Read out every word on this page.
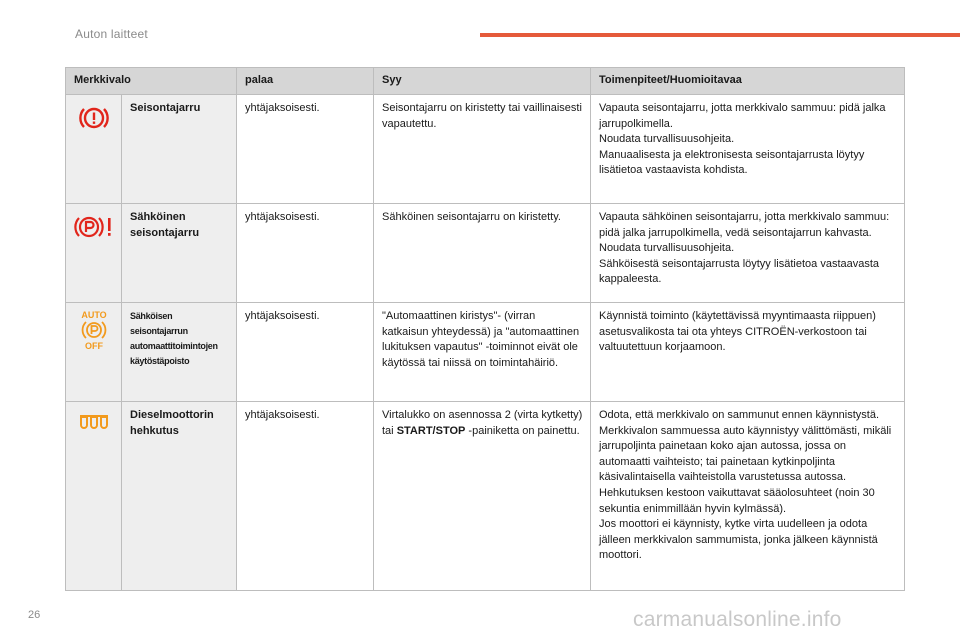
Auton laitteet
Merkkivalo		palaa	Syy	Toimenpiteet/Huomioitavaa

	Seisontajarru	yhtäjaksoisesti.	Seisontajarru on kiristetty tai vaillinaisesti vapautettu.	Vapauta seisontajarru, jotta merkkivalo sammuu: pidä jalka jarrupolkimella.
Noudata turvallisuusohjeita.
Manuaalisesta ja elektronisesta seisontajarrusta löytyy lisätietoa vastaavista kohdista.

	Sähköinen seisontajarru	yhtäjaksoisesti.	Sähköinen seisontajarru on kiristetty.	Vapauta sähköinen seisontajarru, jotta merkkivalo sammuu: pidä jalka jarrupolkimella, vedä seisontajarrun kahvasta.
Noudata turvallisuusohjeita.
Sähköisestä seisontajarrusta löytyy lisätietoa vastaavasta kappaleesta.

AUTO
OFF	Sähköisen seisontajarrun automaattitoimintojen käytöstäpoisto	yhtäjaksoisesti.	"Automaattinen kiristys"- (virran katkaisun yhteydessä) ja "automaattinen lukituksen vapautus" -toiminnot eivät ole käytössä tai niissä on toimintahäiriö.	Käynnistä toiminto (käytettävissä myyntimaasta riippuen) asetusvalikosta tai ota yhteys CITROËN-verkostoon tai valtuutettuun korjaamoon.

	Dieselmoottorin hehkutus	yhtäjaksoisesti.	Virtalukko on asennossa 2 (virta kytketty) tai START/STOP -painiketta on painettu.	Odota, että merkkivalo on sammunut ennen käynnistystä.
Merkkivalon sammuessa auto käynnistyy välittömästi, mikäli jarrupoljinta painetaan koko ajan autossa, jossa on automaatti vaihteisto; tai painetaan kytkinpoljinta käsivalintaisella vaihteistolla varustetussa autossa.
Hehkutuksen kestoon vaikuttavat sääolosuhteet (noin 30 sekuntia enimmillään hyvin kylmässä).
Jos moottori ei käynnisty, kytke virta uudelleen ja odota jälleen merkkivalon sammumista, jonka jälkeen käynnistä moottori.
26	carmanualsonline.info
